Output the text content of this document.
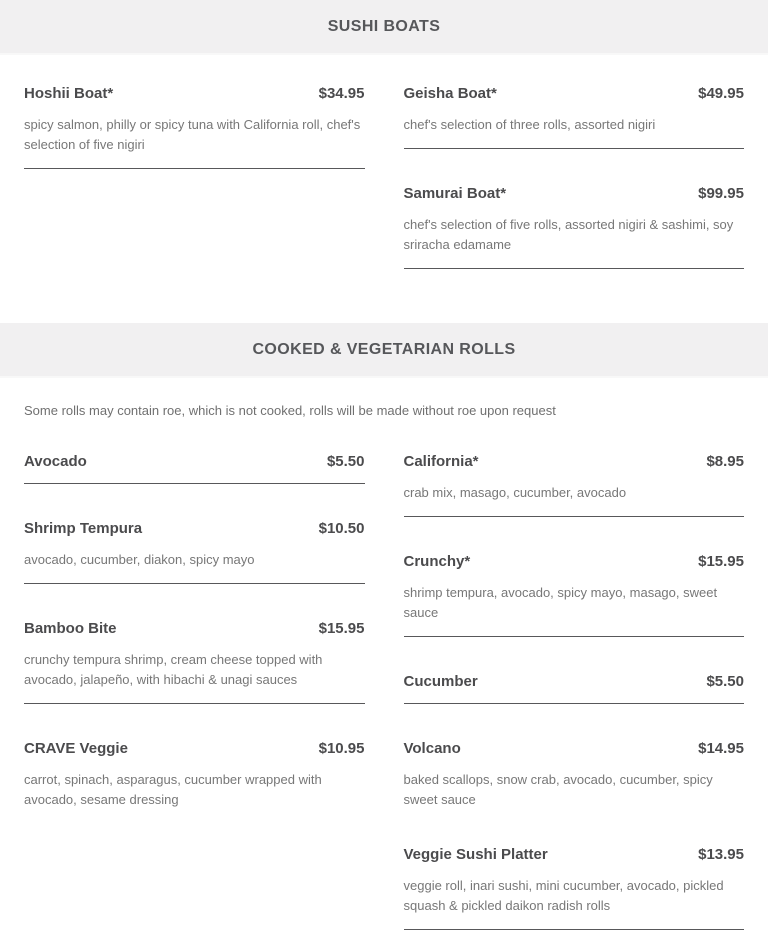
SUSHI BOATS
Hoshii Boat*	$34.95
spicy salmon, philly or spicy tuna with California roll, chef's selection of five nigiri
Geisha Boat*	$49.95
chef's selection of three rolls, assorted nigiri
Samurai Boat*	$99.95
chef's selection of five rolls, assorted nigiri & sashimi, soy sriracha edamame
COOKED & VEGETARIAN ROLLS

Some rolls may contain roe, which is not cooked, rolls will be made without roe upon request

Avocado	$5.50
Shrimp Tempura	$10.50
avocado, cucumber, diakon, spicy mayo
Bamboo Bite	$15.95
crunchy tempura shrimp, cream cheese topped with avocado, jalapeño, with hibachi & unagi sauces
CRAVE Veggie	$10.95
carrot, spinach, asparagus, cucumber wrapped with avocado, sesame dressing
California*	$8.95
crab mix, masago, cucumber, avocado
Crunchy*	$15.95
shrimp tempura, avocado, spicy mayo, masago, sweet sauce
Cucumber	$5.50
Volcano	$14.95
baked scallops, snow crab, avocado, cucumber, spicy sweet sauce
Veggie Sushi Platter	$13.95
veggie roll, inari sushi, mini cucumber, avocado, pickled squash & pickled daikon radish rolls
